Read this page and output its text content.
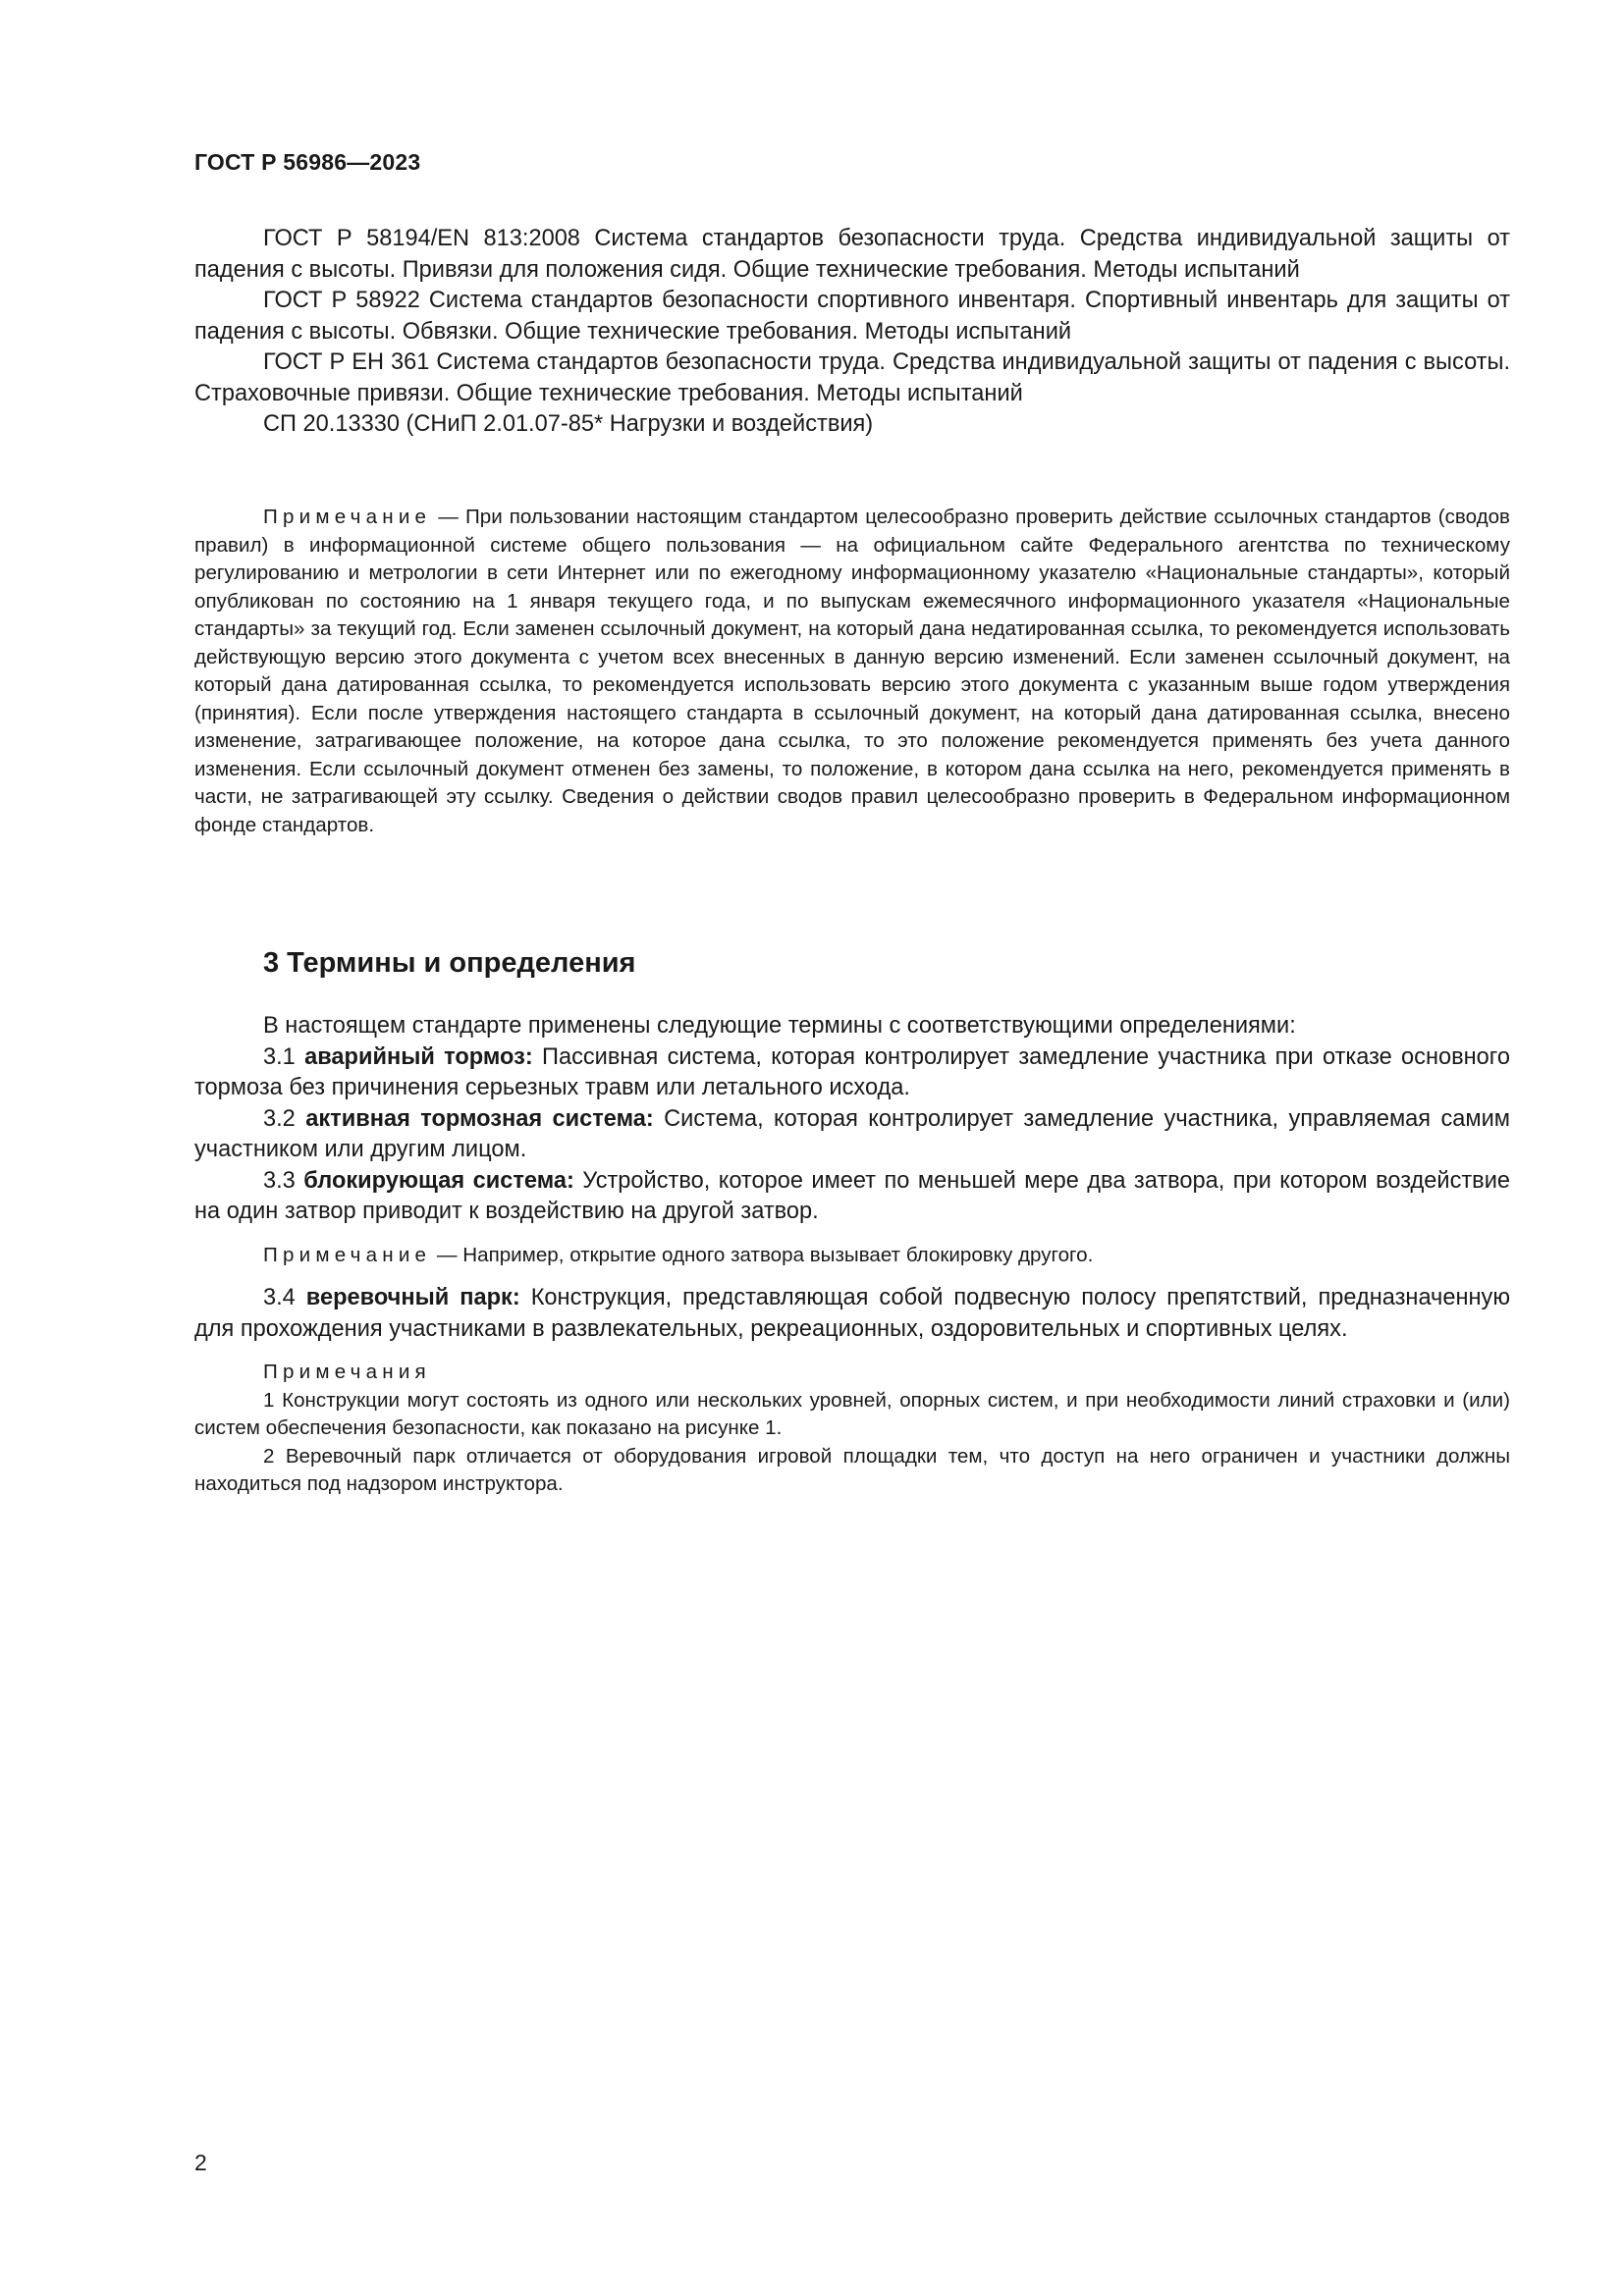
ГОСТ Р 56986—2023

ГОСТ Р 58194/EN 813:2008 Система стандартов безопасности труда. Средства индивидуальной защиты от падения с высоты. Привязи для положения сидя. Общие технические требования. Методы испытаний

ГОСТ Р 58922 Система стандартов безопасности спортивного инвентаря. Спортивный инвентарь для защиты от падения с высоты. Обвязки. Общие технические требования. Методы испытаний

ГОСТ Р ЕН 361 Система стандартов безопасности труда. Средства индивидуальной защиты от падения с высоты. Страховочные привязи. Общие технические требования. Методы испытаний

СП 20.13330 (СНиП 2.01.07-85* Нагрузки и воздействия)

Примечание — При пользовании настоящим стандартом целесообразно проверить действие ссылочных стандартов (сводов правил) в информационной системе общего пользования — на официальном сайте Федерального агентства по техническому регулированию и метрологии в сети Интернет или по ежегодному информационному указателю «Национальные стандарты», который опубликован по состоянию на 1 января текущего года, и по выпускам ежемесячного информационного указателя «Национальные стандарты» за текущий год. Если заменен ссылочный документ, на который дана недатированная ссылка, то рекомендуется использовать действующую версию этого документа с учетом всех внесенных в данную версию изменений. Если заменен ссылочный документ, на который дана датированная ссылка, то рекомендуется использовать версию этого документа с указанным выше годом утверждения (принятия). Если после утверждения настоящего стандарта в ссылочный документ, на который дана датированная ссылка, внесено изменение, затрагивающее положение, на которое дана ссылка, то это положение рекомендуется применять без учета данного изменения. Если ссылочный документ отменен без замены, то положение, в котором дана ссылка на него, рекомендуется применять в части, не затрагивающей эту ссылку. Сведения о действии сводов правил целесообразно проверить в Федеральном информационном фонде стандартов.

3 Термины и определения

В настоящем стандарте применены следующие термины с соответствующими определениями:

3.1 аварийный тормоз: Пассивная система, которая контролирует замедление участника при отказе основного тормоза без причинения серьезных травм или летального исхода.

3.2 активная тормозная система: Система, которая контролирует замедление участника, управляемая самим участником или другим лицом.

3.3 блокирующая система: Устройство, которое имеет по меньшей мере два затвора, при котором воздействие на один затвор приводит к воздействию на другой затвор.

Примечание — Например, открытие одного затвора вызывает блокировку другого.

3.4 веревочный парк: Конструкция, представляющая собой подвесную полосу препятствий, предназначенную для прохождения участниками в развлекательных, рекреационных, оздоровительных и спортивных целях.

Примечания

1 Конструкции могут состоять из одного или нескольких уровней, опорных систем, и при необходимости линий страховки и (или) систем обеспечения безопасности, как показано на рисунке 1.

2 Веревочный парк отличается от оборудования игровой площадки тем, что доступ на него ограничен и участники должны находиться под надзором инструктора.

2
